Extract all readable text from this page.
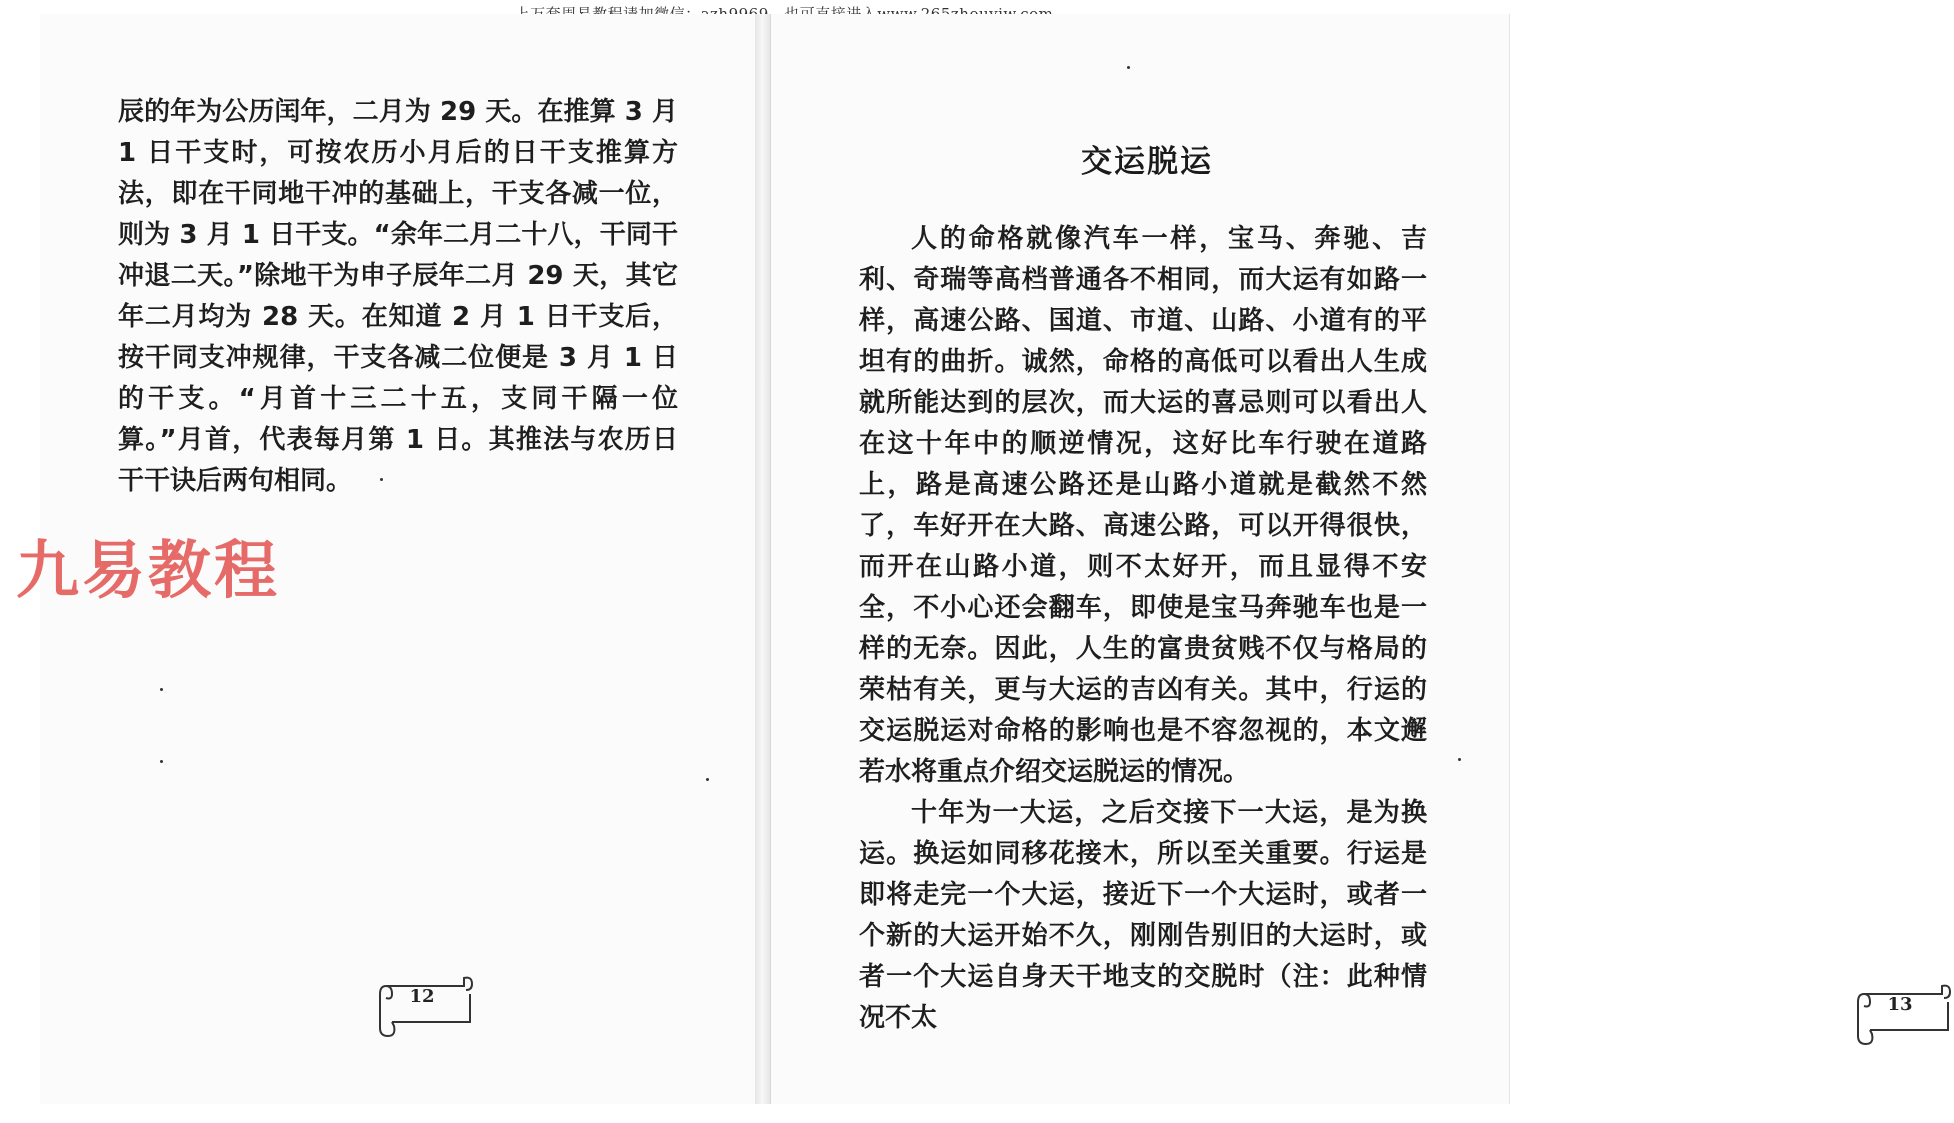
辰的年为公历闰年，二月为 29 天。在推算 3 月 1 日干支时，可按农历小月后的日干支推算方法，即在干同地干冲的基础上，干支各减一位，则为 3 月 1 日干支。“余年二月二十八，干同干冲退二天。”除地干为申子辰年二月 29 天，其它年二月均为 28 天。在知道 2 月 1 日干支后，按干同支冲规律，干支各减二位便是 3 月 1 日的干支。“月首十三二十五，支同干隔一位算。”月首，代表每月第 1 日。其推法与农历日干干诀后两句相同。

12
交运脱运

人的命格就像汽车一样，宝马、奔驰、吉利、奇瑞等高档普通各不相同，而大运有如路一样，高速公路、国道、市道、山路、小道有的平坦有的曲折。诚然，命格的高低可以看出人生成就所能达到的层次，而大运的喜忌则可以看出人在这十年中的顺逆情况，这好比车行驶在道路上，路是高速公路还是山路小道就是截然不然了，车好开在大路、高速公路，可以开得很快，而开在山路小道，则不太好开，而且显得不安全，不小心还会翻车，即使是宝马奔驰车也是一样的无奈。因此，人生的富贵贫贱不仅与格局的荣枯有关，更与大运的吉凶有关。其中，行运的交运脱运对命格的影响也是不容忽视的，本文邂若水将重点介绍交运脱运的情况。

十年为一大运，之后交接下一大运，是为换运。换运如同移花接木，所以至关重要。行运是即将走完一个大运，接近下一个大运时，或者一个新的大运开始不久，刚刚告别旧的大运时，或者一个大运自身天干地支的交脱时（注：此种情况不太	13
九易教程
